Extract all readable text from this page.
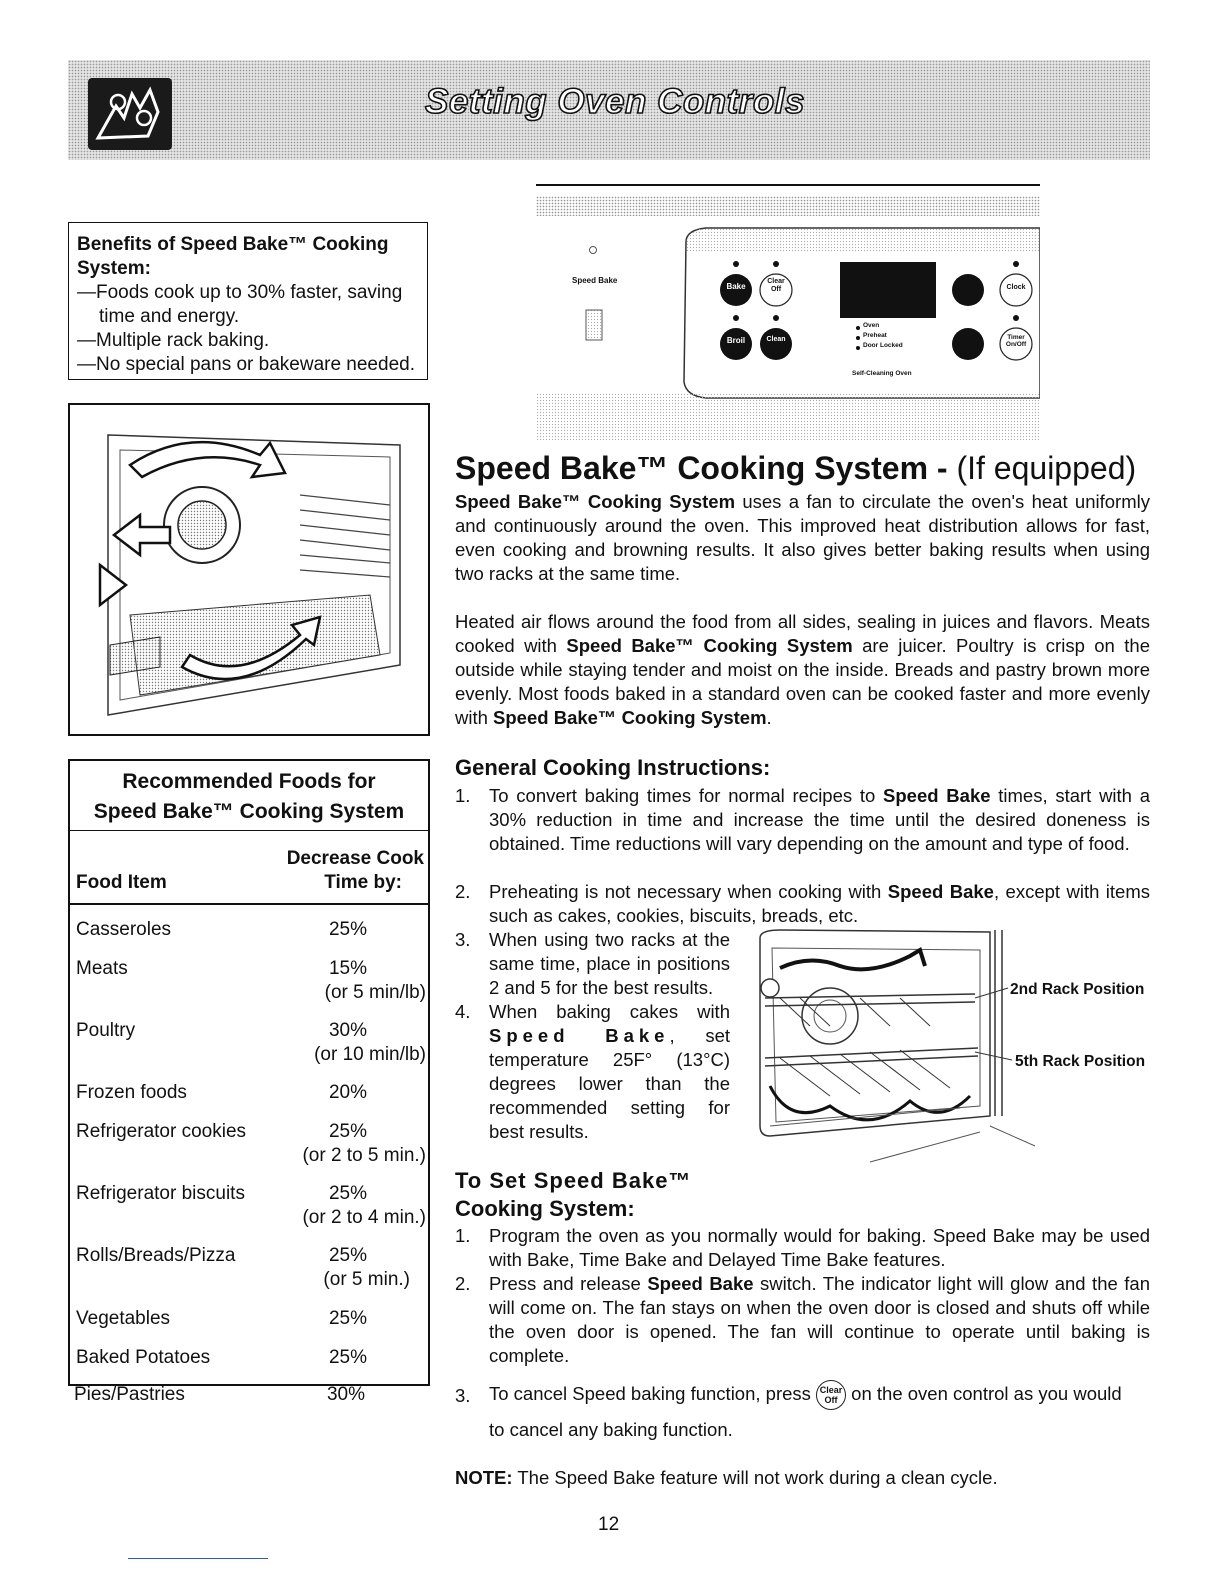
Setting Oven Controls
Benefits of Speed Bake™ Cooking System:
—Foods cook up to 30% faster, saving
time and energy.
—Multiple rack baking.
—No special pans or bakeware needed.
Recommended Foods for
Speed Bake™ Cooking System
Decrease Cook
Time by:
Food Item
Casseroles	25%
Meats	15%
(or 5 min/lb)
Poultry	30%
(or 10 min/lb)
Frozen foods	20%
Refrigerator cookies	25%
(or 2 to 5 min.)
Refrigerator biscuits	25%
(or 2 to 4 min.)
Rolls/Breads/Pizza	25%
(or 5 min.)
Vegetables	25%
Baked Potatoes	25%
Pies/Pastries	30%
Speed Bake
Bake
Clear
Off	Clock
Broil	Clean
Oven
Preheat
Door Locked
Timer
On/Off
Self-Cleaning Oven
Speed Bake™ Cooking System - (If equipped)
Speed Bake™ Cooking System uses a fan to circulate the oven's heat uniformly and continuously around the oven. This improved heat distribution allows for fast, even cooking and browning results. It also gives better baking results when using two racks at the same time.
Heated air flows around the food from all sides, sealing in juices and flavors. Meats cooked with Speed Bake™ Cooking System are juicer. Poultry is crisp on the outside while staying tender and moist on the inside. Breads and pastry brown more evenly. Most foods baked in a standard oven can be cooked faster and more evenly with Speed Bake™ Cooking System.
General Cooking Instructions:
1. To convert baking times for normal recipes to Speed Bake times, start with a 30% reduction in time and increase the time until the desired doneness is obtained. Time reductions will vary depending on the amount and type of food.
2. Preheating is not necessary when cooking with Speed Bake, except with items such as cakes, cookies, biscuits, breads, etc.
3. When using two racks at the same time, place in positions 2 and 5 for the best results.
4. When baking cakes with Speed Bake, set temperature 25F° (13°C) degrees lower than the recommended setting for best results.
2nd Rack Position
5th Rack Position
To Set Speed Bake™
Cooking System:
1. Program the oven as you normally would for baking. Speed Bake may be used with Bake, Time Bake and Delayed Time Bake features.
2. Press and release Speed Bake switch. The indicator light will glow and the fan will come on. The fan stays on when the oven door is closed and shuts off while the oven door is opened. The fan will continue to operate until baking is complete.
3. To cancel Speed baking function, press Clear
Off on the oven control as you would
to cancel any baking function.
NOTE: The Speed Bake feature will not work during a clean cycle.
12
